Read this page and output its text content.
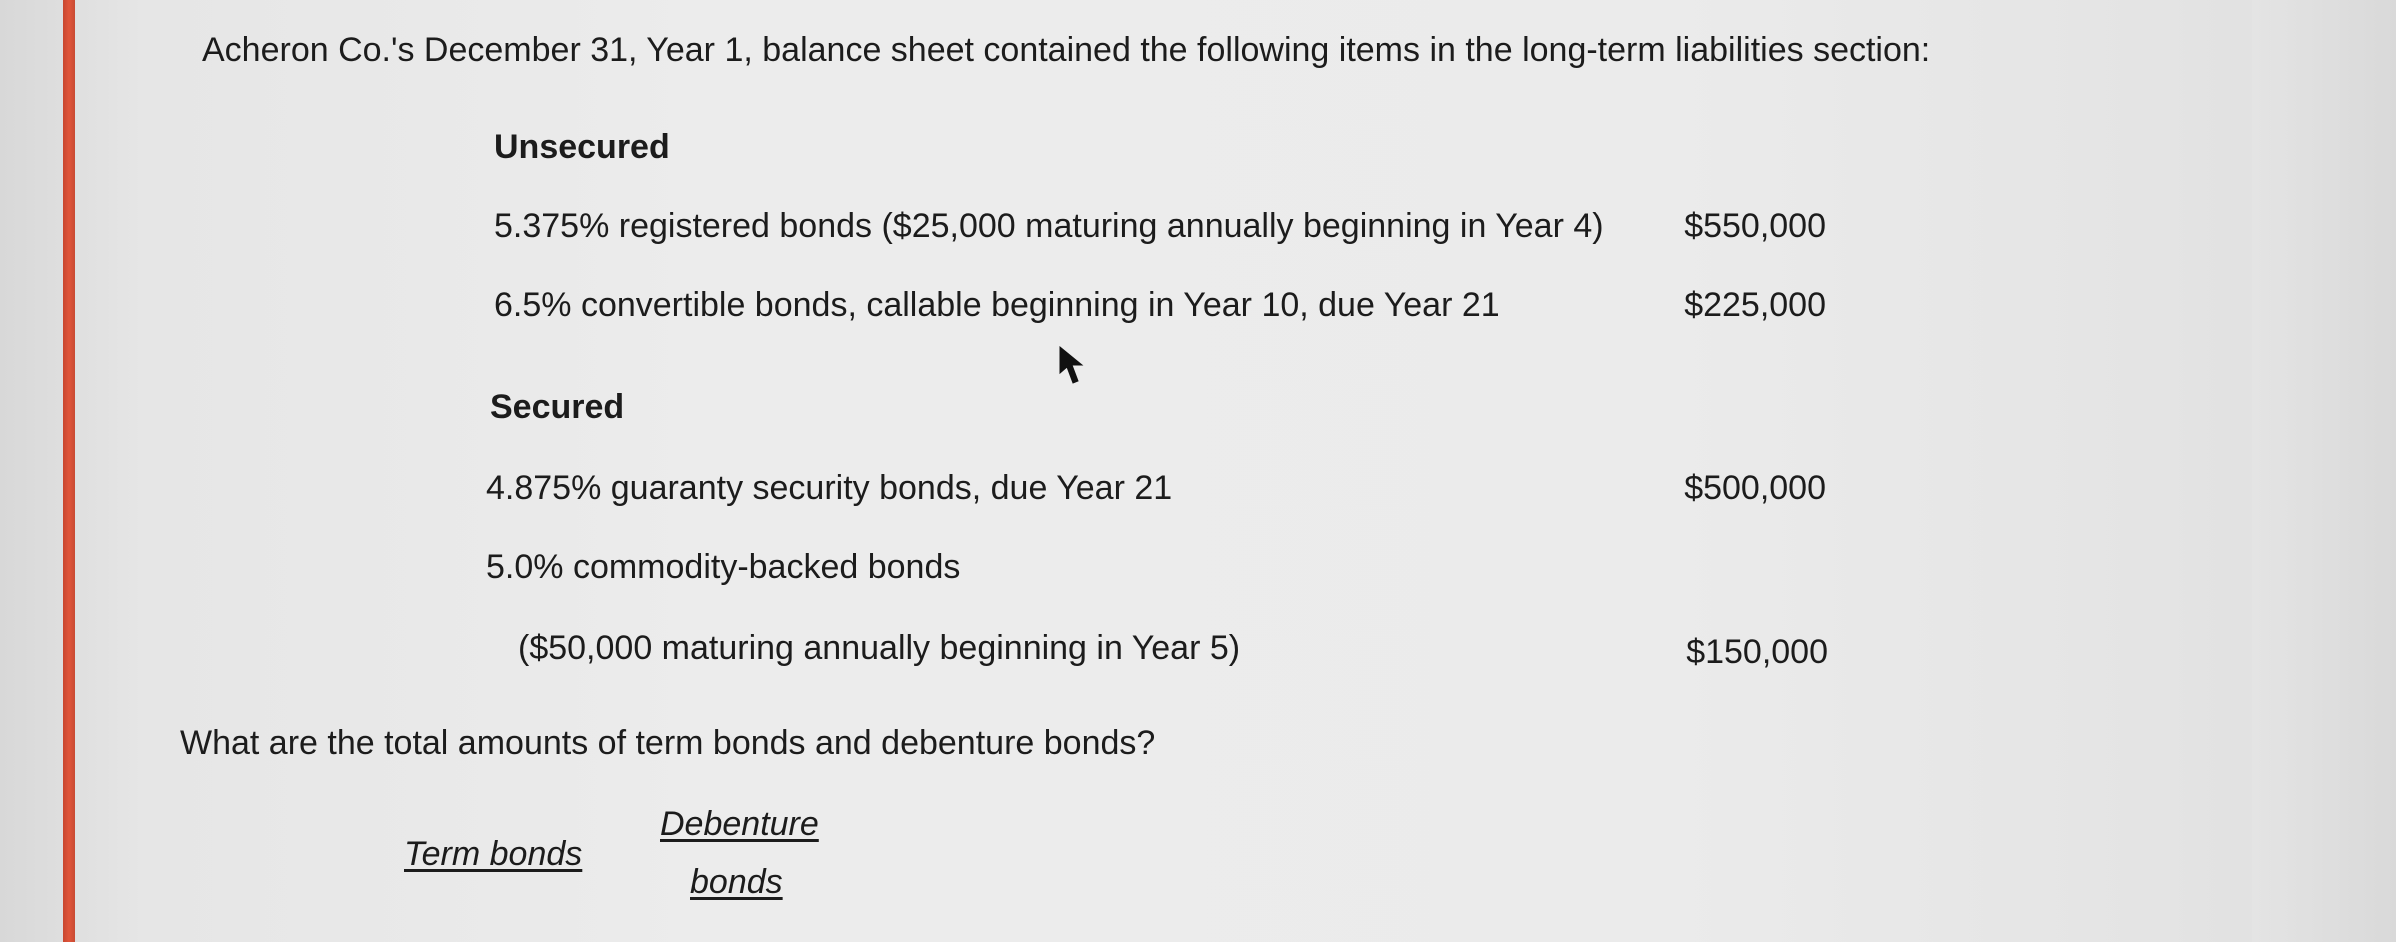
Acheron Co.'s December 31, Year 1, balance sheet contained the following items in the long-term liabilities section:
Unsecured
5.375% registered bonds ($25,000 maturing annually beginning in Year 4)	$550,000
6.5% convertible bonds, callable beginning in Year 10, due Year 21	$225,000
Secured
4.875% guaranty security bonds, due Year 21	$500,000
5.0% commodity-backed bonds
($50,000 maturing annually beginning in Year 5)	$150,000
What are the total amounts of term bonds and debenture bonds?
Term bonds
Debenture
bonds
